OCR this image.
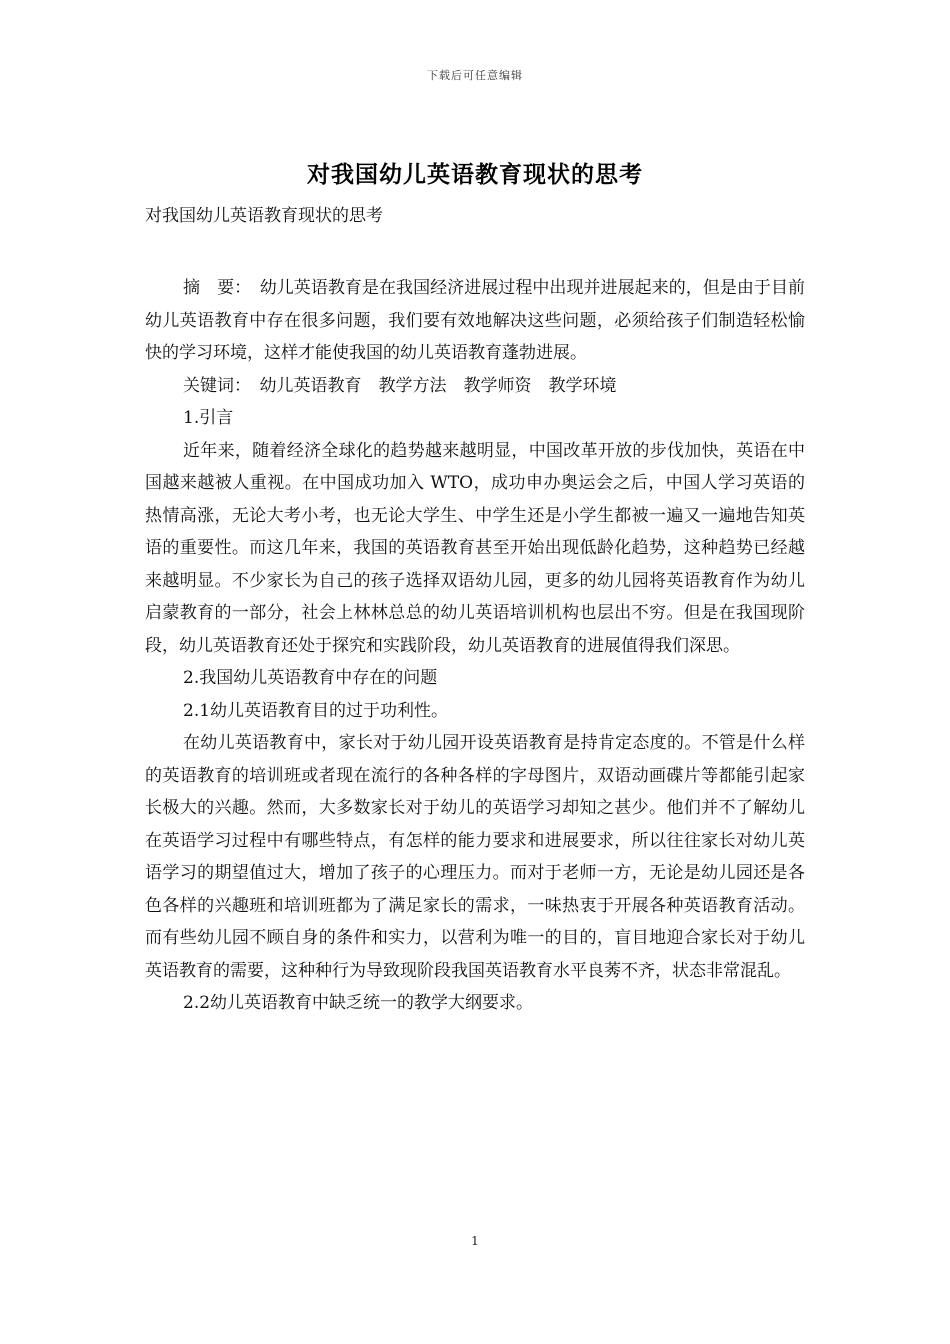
下载后可任意编辑
对我国幼儿英语教育现状的思考
对我国幼儿英语教育现状的思考

摘　要：　幼儿英语教育是在我国经济进展过程中出现并进展起来的，但是由于目前幼儿英语教育中存在很多问题，我们要有效地解决这些问题，必须给孩子们制造轻松愉快的学习环境，这样才能使我国的幼儿英语教育蓬勃进展。

关键词：　幼儿英语教育　教学方法　教学师资　教学环境

1.引言

近年来，随着经济全球化的趋势越来越明显，中国改革开放的步伐加快，英语在中国越来越被人重视。在中国成功加入 WTO，成功申办奥运会之后，中国人学习英语的热情高涨，无论大考小考，也无论大学生、中学生还是小学生都被一遍又一遍地告知英语的重要性。而这几年来，我国的英语教育甚至开始出现低龄化趋势，这种趋势已经越来越明显。不少家长为自己的孩子选择双语幼儿园，更多的幼儿园将英语教育作为幼儿启蒙教育的一部分，社会上林林总总的幼儿英语培训机构也层出不穷。但是在我国现阶段，幼儿英语教育还处于探究和实践阶段，幼儿英语教育的进展值得我们深思。

2.我国幼儿英语教育中存在的问题

2.1幼儿英语教育目的过于功利性。

在幼儿英语教育中，家长对于幼儿园开设英语教育是持肯定态度的。不管是什么样的英语教育的培训班或者现在流行的各种各样的字母图片，双语动画碟片等都能引起家长极大的兴趣。然而，大多数家长对于幼儿的英语学习却知之甚少。他们并不了解幼儿在英语学习过程中有哪些特点，有怎样的能力要求和进展要求，所以往往家长对幼儿英语学习的期望值过大，增加了孩子的心理压力。而对于老师一方，无论是幼儿园还是各色各样的兴趣班和培训班都为了满足家长的需求，一味热衷于开展各种英语教育活动。而有些幼儿园不顾自身的条件和实力，以营利为唯一的目的，盲目地迎合家长对于幼儿英语教育的需要，这种种行为导致现阶段我国英语教育水平良莠不齐，状态非常混乱。

2.2幼儿英语教育中缺乏统一的教学大纲要求。

1
